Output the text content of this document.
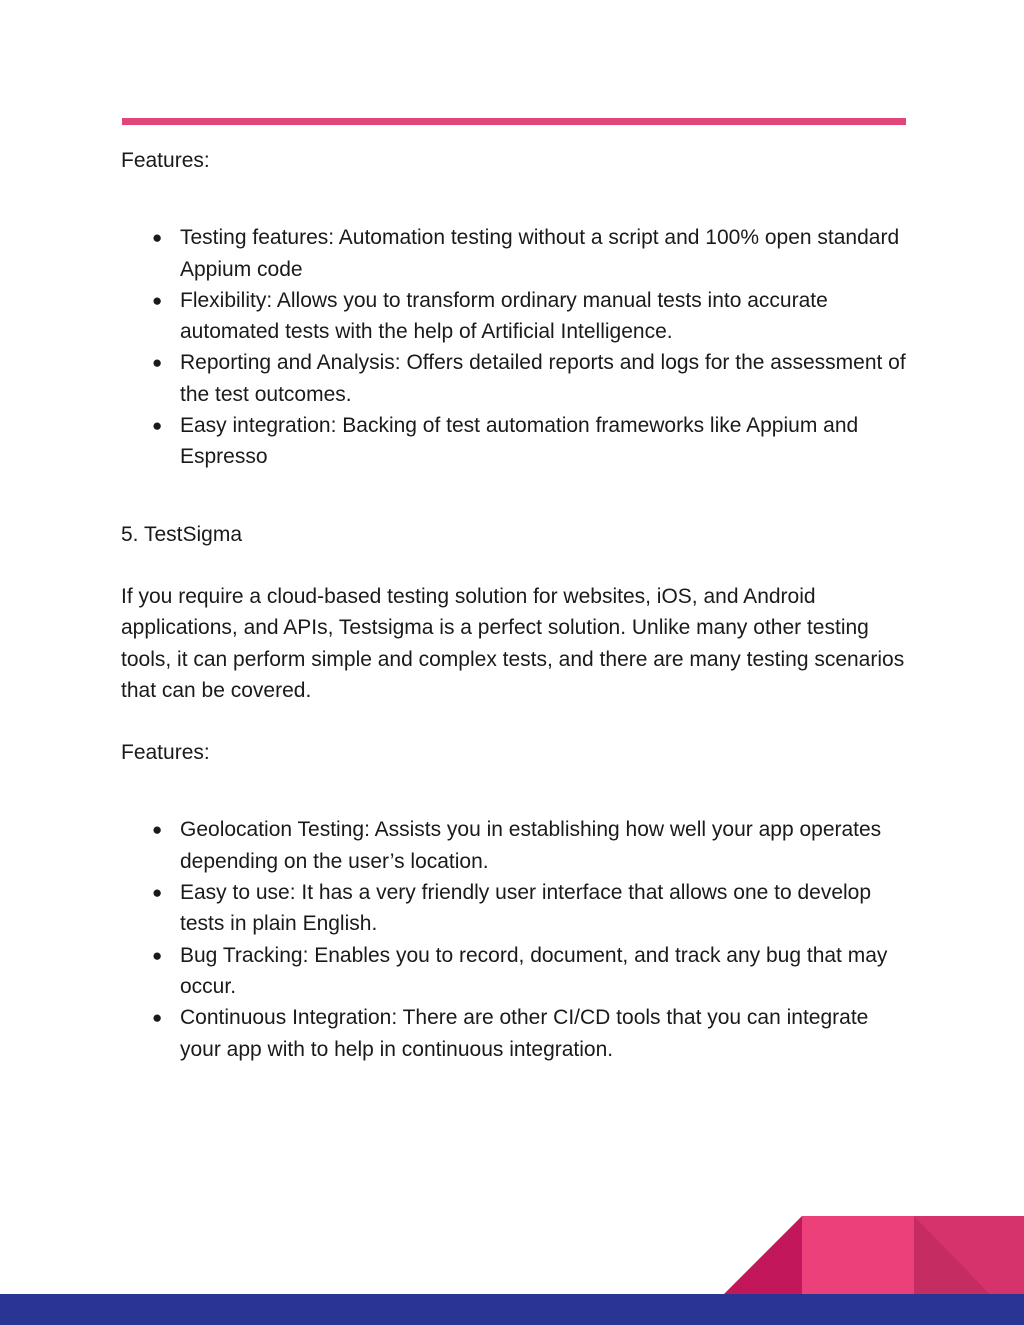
Features:

● Testing features: Automation testing without a script and 100% open standard Appium code
● Flexibility: Allows you to transform ordinary manual tests into accurate automated tests with the help of Artificial Intelligence.
● Reporting and Analysis: Offers detailed reports and logs for the assessment of the test outcomes.
● Easy integration: Backing of test automation frameworks like Appium and Espresso

5. TestSigma

If you require a cloud-based testing solution for websites, iOS, and Android applications, and APIs, Testsigma is a perfect solution. Unlike many other testing tools, it can perform simple and complex tests, and there are many testing scenarios that can be covered.

Features:

● Geolocation Testing: Assists you in establishing how well your app operates depending on the user’s location.
● Easy to use: It has a very friendly user interface that allows one to develop tests in plain English.
● Bug Tracking: Enables you to record, document, and track any bug that may occur.
● Continuous Integration: There are other CI/CD tools that you can integrate your app with to help in continuous integration.
